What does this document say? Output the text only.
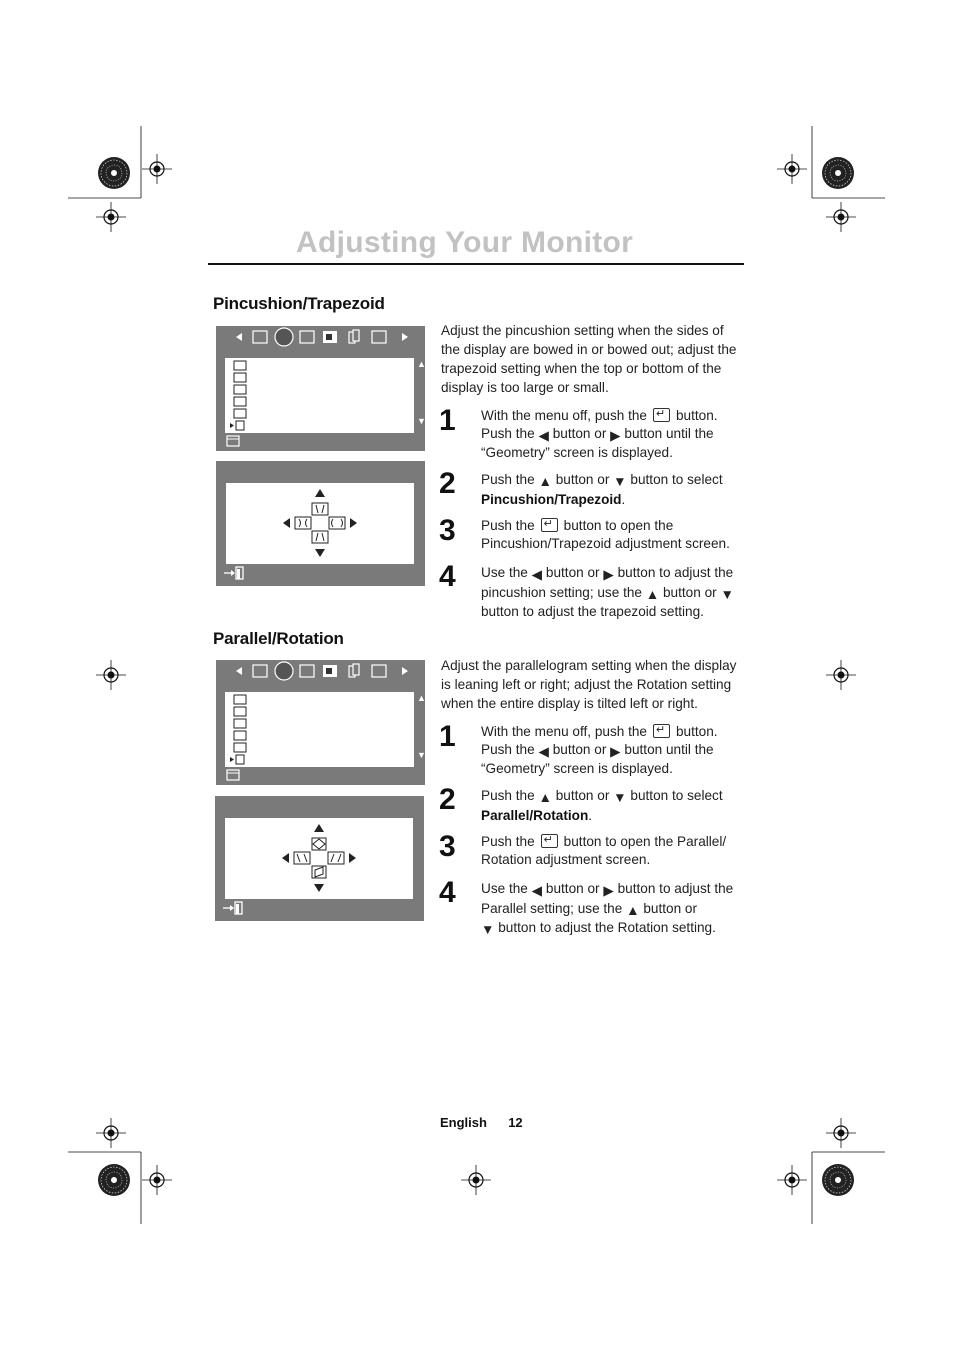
Adjusting Your Monitor
Pincushion/Trapezoid
▲
▼
Adjust the pincushion setting when the sides of the display are bowed in or bowed out; adjust the trapezoid setting when the top or bottom of the display is too large or small.
1	With the menu off, push the ↵ button. Push the ◀ button or ▶ button until the “Geometry” screen is displayed.
2	Push the ▲ button or ▼ button to select Pincushion/Trapezoid.
3	Push the ↵ button to open the Pincushion/Trapezoid adjustment screen.
4	Use the ◀ button or ▶ button to adjust the pincushion setting; use the ▲ button or ▼ button to adjust the trapezoid setting.
Parallel/Rotation
▲
▼
Adjust the parallelogram setting when the display is leaning left or right; adjust the Rotation setting when the entire display is tilted left or right.
1	With the menu off, push the ↵ button. Push the ◀ button or ▶ button until the “Geometry” screen is displayed.
2	Push the ▲ button or ▼ button to select Parallel/Rotation.
3	Push the ↵ button to open the Parallel/ Rotation adjustment screen.
4	Use the ◀ button or ▶ button to adjust the Parallel setting; use the ▲ button or
▼ button to adjust the Rotation setting.
English 12
